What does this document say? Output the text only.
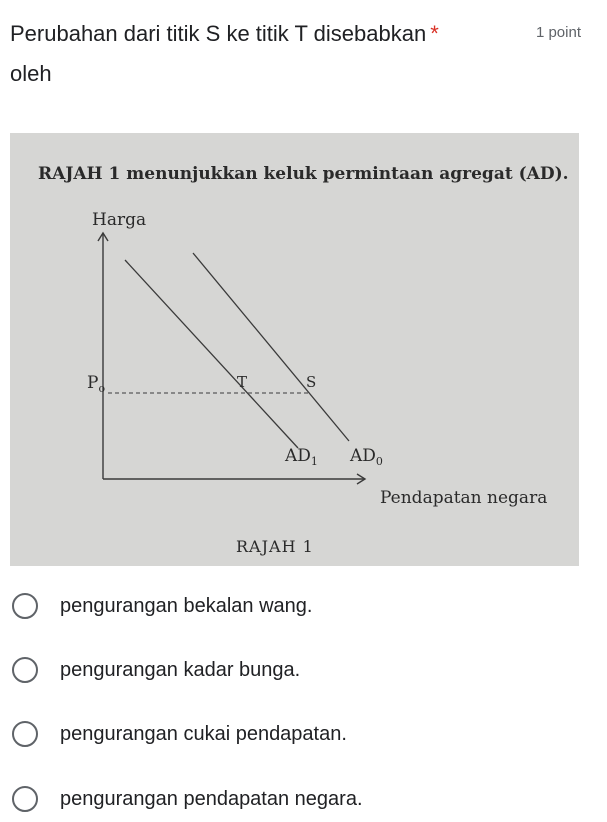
Perubahan dari titik S ke titik T disebabkan *
oleh
1 point
RAJAH 1 menunjukkan keluk permintaan agregat (AD).
Harga
$P_o$	T	S
$AD_1$ $AD_0$
Pendapatan negara
RAJAH 1
pengurangan bekalan wang.
pengurangan kadar bunga.
pengurangan cukai pendapatan.
pengurangan pendapatan negara.
